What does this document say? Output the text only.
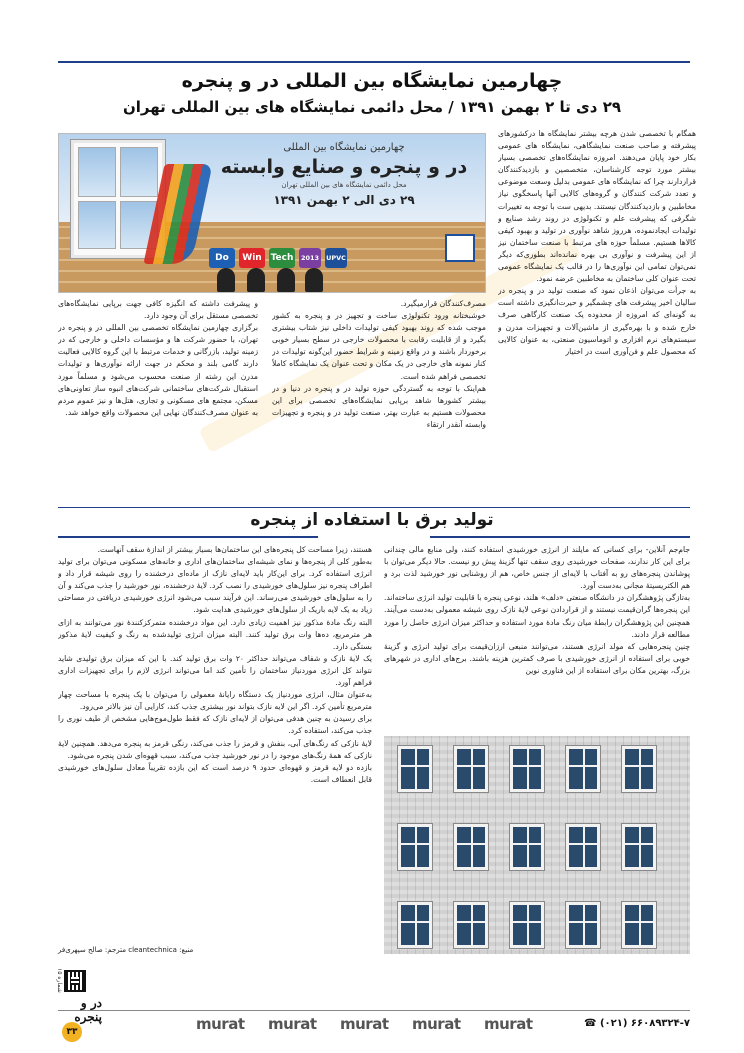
چهارمین نمایشگاه بین المللی در و پنجره
۲۹ دی تا ۲ بهمن ۱۳۹۱ / محل دائمی نمایشگاه های بین المللی تهران
چهارمین نمایشگاه بین المللی
در و پنجره و صنایع وابسته
محل دائمی نمایشگاه های بین المللی تهران
۲۹ دی الی ۲ بهمن ۱۳۹۱
Do	Win Tech	2013	UPVC

همگام با تخصصی شدن هرچه بیشتر نمایشگاه ها درکشورهای پیشرفته و صاحب صنعت نمایشگاهی، نمایشگاه های عمومی بکار خود پایان می‌دهند. امروزه نمایشگاه‌های تخصصی بسیار بیشتر مورد توجه کارشناسان، متخصصین و بازدیدکنندگان قراردارند چرا که نمایشگاه های عمومی بدلیل وسعت موضوعی و تعدد شرکت کنندگان و گروه‌های کالایی آنها پاسخگوی نیاز مخاطبین و بازدیدکنندگان نیستند. بدیهی ست با توجه به تغییرات شگرفی که پیشرفت علم و تکنولوژی در روند رشد صنایع و تولیدات ایجادنموده، هرروز شاهد نوآوری در تولید و بهبود کیفی کالاها هستیم. مسلماً حوزه های مرتبط با صنعت ساختمان نیز از این پیشرفت و نوآوری بی بهره نمانده‌اند بطوری‌که دیگر نمی‌توان تمامی این نوآوری‌ها را در قالب یک نمایشگاه عمومی تحت عنوان کلی ساختمان به مخاطبین عرضه نمود.

به جرأت می‌توان اذعان نمود که صنعت تولید در و پنجره در سالیان اخیر پیشرفت های چشمگیر و حیرت‌انگیزی داشته است به گونه‌ای که امروزه از محدوده یک صنعت کارگاهی صرف خارج شده و با بهره‌گیری از ماشین‌آلات و تجهیزات مدرن و سیستم‌های نرم افزاری و اتوماسیون صنعتی، به عنوان کالایی که محصول علم و فن‌آوری است در اختیار

مصرف‌کنندگان قرارمیگیرد.

خوشبختانه ورود تکنولوژی ساخت و تجهیز در و پنجره به کشور موجب شده که روند بهبود کیفی تولیدات داخلی نیز شتاب بیشتری بگیرد و از قابلیت رقابت با محصولات خارجی در سطح بسیار خوبی برخوردار باشند و در واقع زمینه و شرایط حضور این‌گونه تولیدات در کنار نمونه های خارجی در یک مکان و تحت عنوان یک نمایشگاه کاملاً تخصصی فراهم شده است.

هم‌اینک با توجه به گستردگی حوزه تولید در و پنجره در دنیا و در بیشتر کشورها شاهد برپایی نمایشگاه‌های تخصصی برای این محصولات هستیم به عبارت بهتر، صنعت تولید در و پنجره و تجهیزات وابسته آنقدر ارتقاء

و پیشرفت داشته که انگیزه کافی جهت برپایی نمایشگاه‌های تخصصی مستقل برای آن وجود دارد.

برگزاری چهارمین نمایشگاه تخصصی بین المللی در و پنجره در تهران، با حضور شرکت ها و مؤسسات داخلی و خارجی که در زمینه تولید، بازرگانی و خدمات مرتبط با این گروه کالایی فعالیت دارند گامی بلند و محکم در جهت ارائه نوآوری‌ها و تولیدات مدرن این رشته از صنعت محسوب می‌شود و مسلماً مورد استقبال شرکت‌های ساختمانی شرکت‌های انبوه ساز تعاونی‌های مسکن، مجتمع های مسکونی و تجاری، هتل‌ها و نیز عموم مردم به عنوان مصرف‌کنندگان نهایی این محصولات واقع خواهد شد.

تولید برق با استفاده از پنجره

جام‌جم آنلاین- برای کسانی که مایلند از انرژی خورشیدی استفاده کنند، ولی منابع مالی چندانی برای این کار ندارند، صفحات خورشیدی روی سقف تنها گزینهٔ پیش رو نیست. حالا دیگر می‌توان با پوشاندن پنجره‌های رو به آفتاب با لایه‌ای از جنس خاص، هم از روشنایی نور خورشید لذت برد و هم الکتریسیتهٔ مجانی به‌دست آورد.

به‌تازگی پژوهشگران در دانشگاه صنعتی «دلف» هلند، نوعی پنجره با قابلیت تولید انرژی ساخته‌اند. این پنجره‌ها گران‌قیمت نیستند و از قراردادن نوعی لایهٔ نازک روی شیشه معمولی به‌دست می‌آیند. همچنین این پژوهشگران رابطهٔ میان رنگ مادهٔ مورد استفاده و حداکثر میزان انرژی حاصل را مورد مطالعه قرار دادند.

چنین پنجره‌هایی که مولد انرژی هستند، می‌توانند منبعی ارزان‌قیمت برای تولید انرژی و گزینهٔ خوبی برای استفاده از انرژی خورشیدی با صرف کمترین هزینه باشند. برج‌های اداری در شهرهای بزرگ، بهترین مکان برای استفاده از این فناوری نوین

هستند، زیرا مساحت کل پنجره‌های این ساختمان‌ها بسیار بیشتر از اندازهٔ سقف آنهاست.

به‌طور کلی از پنجره‌ها و نمای شیشه‌ای ساختمان‌های اداری و خانه‌های مسکونی می‌توان برای تولید انرژی استفاده کرد. برای این‌کار باید لایه‌ای نازک از ماده‌ای درخشنده را روی شیشه قرار داد و اطراف پنجره نیز سلول‌های خورشیدی را نصب کرد. لایهٔ درخشنده، نور خورشید را جذب می‌کند و آن را به سلول‌های خورشیدی می‌رساند. این فرآیند سبب می‌شود انرژی خورشیدی دریافتی در مساحتی زیاد به یک لایه باریک از سلول‌های خورشیدی هدایت شود.

البته رنگ مادهٔ مذکور نیز اهمیت زیادی دارد. این مواد درخشنده متمرکزکنندهٔ نور می‌توانند به ازای هر مترمربع، ده‌ها وات برق تولید کنند. البته میزان انرژی تولیدشده به رنگ و کیفیت لایهٔ مذکور بستگی دارد.

یک لایهٔ نازک و شفاف می‌تواند حداکثر ۲۰ وات برق تولید کند. با این که میزان برق تولیدی شاید نتواند کل انرژی موردنیاز ساختمان را تأمین کند اما می‌تواند انرژی لازم را برای تجهیزات اداری فراهم آورد.

به‌عنوان مثال، انرژی موردنیاز یک دستگاه رایانهٔ معمولی را می‌توان با یک پنجره با مساحت چهار مترمربع تأمین کرد. اگر این لایه نازک بتواند نور بیشتری جذب کند، کارایی آن نیز بالاتر می‌رود.

برای رسیدن به چنین هدفی می‌توان از لایه‌ای نازک که فقط طول‌موج‌هایی مشخص از طیف نوری را جذب می‌کند، استفاده کرد.

لایهٔ نازکی که رنگ‌های آبی، بنفش و قرمز را جذب می‌کند، رنگی قرمز به پنجره می‌دهد. همچنین لایهٔ نازکی که همهٔ رنگ‌های موجود را در نور خورشید جذب می‌کند، سبب قهوه‌ای شدن پنجره می‌شود.

بازده دو لایه قرمز و قهوه‌ای حدود ۹ درصد است که این بازده تقریباً معادل سلول‌های خورشیدی قابل انعطاف است.

منبع: cleantechnica مترجم: صالح سپهری‌فر
☎ (۰۲۱) ۶۶۰۸۹۳۲۴-۷
murat
murat
murat
murat
murat
شماره ۱۵
در و پنجره
۳۳
